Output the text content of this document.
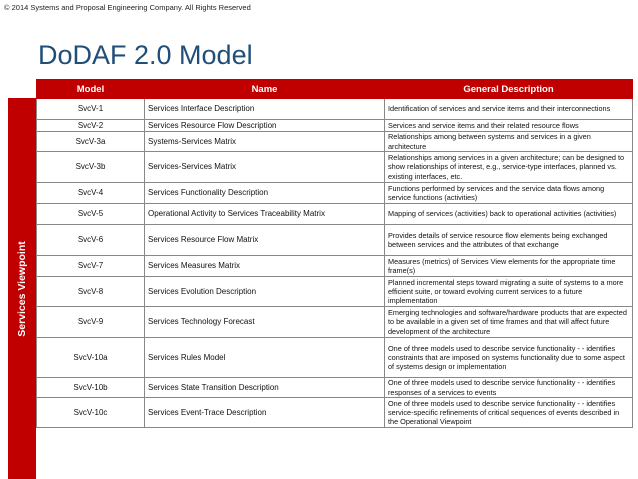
© 2014 Systems and Proposal Engineering Company. All Rights Reserved
DoDAF 2.0 Model
Services Viewpoint
Model	Name	General Description
SvcV-1	Services Interface Description	Identification of services and service items and their interconnections
SvcV-2	Services Resource Flow Description	Services and service items and their related resource flows
SvcV-3a	Systems-Services Matrix	Relationships among between systems and services in a given architecture
SvcV-3b	Services-Services Matrix	Relationships among services in a given architecture; can be designed to show relationships of interest, e.g., service-type interfaces, planned vs. existing interfaces, etc.
SvcV-4	Services Functionality Description	Functions performed by services and the service data flows among service functions (activities)
SvcV-5	Operational Activity to Services Traceability Matrix	Mapping of services (activities) back to operational activities (activities)
SvcV-6	Services Resource Flow Matrix	Provides details of service resource flow elements being exchanged between services and the attributes of that exchange
SvcV-7	Services Measures Matrix	Measures (metrics) of Services View elements for the appropriate time frame(s)
SvcV-8	Services Evolution Description	Planned incremental steps toward migrating a suite of systems to a more efficient suite, or toward evolving current services to a future implementation
SvcV-9	Services Technology Forecast	Emerging technologies and software/hardware products that are expected to be available in a given set of time frames and that will affect future development of the architecture
SvcV-10a	Services Rules Model	One of three models used to describe service functionality - - identifies constraints that are imposed on systems functionality due to some aspect of systems design or implementation
SvcV-10b	Services State Transition Description	One of three models used to describe service functionality - - identifies responses of a services to events
SvcV-10c	Services Event-Trace Description	One of three models used to describe service functionality - - identifies service-specific refinements of critical sequences of events described in the Operational Viewpoint
